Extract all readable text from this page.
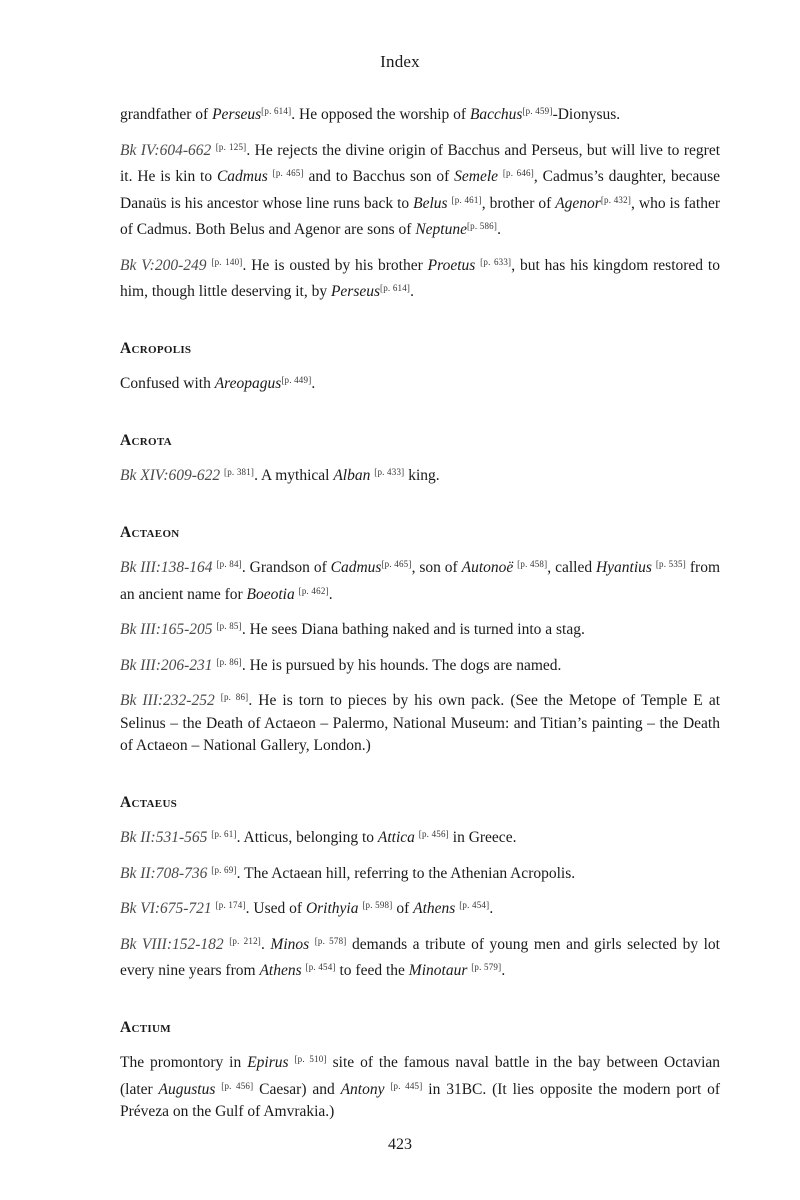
Index

grandfather of Perseus[p. 614]. He opposed the worship of Bacchus[p. 459]-Dionysus.

Bk IV:604-662 [p. 125]. He rejects the divine origin of Bacchus and Perseus, but will live to regret it. He is kin to Cadmus [p. 465] and to Bacchus son of Semele [p. 646], Cadmus’s daughter, because Danaüs is his ancestor whose line runs back to Belus [p. 461], brother of Agenor[p. 432], who is father of Cadmus. Both Belus and Agenor are sons of Neptune[p. 586].

Bk V:200-249 [p. 140]. He is ousted by his brother Proetus [p. 633], but has his kingdom restored to him, though little deserving it, by Perseus[p. 614].

Acropolis

Confused with Areopagus[p. 449].

Acrota

Bk XIV:609-622 [p. 381]. A mythical Alban [p. 433] king.

Actaeon

Bk III:138-164 [p. 84]. Grandson of Cadmus[p. 465], son of Autonoë [p. 458], called Hyantius [p. 535] from an ancient name for Boeotia [p. 462].

Bk III:165-205 [p. 85]. He sees Diana bathing naked and is turned into a stag.

Bk III:206-231 [p. 86]. He is pursued by his hounds. The dogs are named.

Bk III:232-252 [p. 86]. He is torn to pieces by his own pack. (See the Metope of Temple E at Selinus – the Death of Actaeon – Palermo, National Museum: and Titian’s painting – the Death of Actaeon – National Gallery, London.)

Actaeus

Bk II:531-565 [p. 61]. Atticus, belonging to Attica [p. 456] in Greece.

Bk II:708-736 [p. 69]. The Actaean hill, referring to the Athenian Acropolis.

Bk VI:675-721 [p. 174]. Used of Orithyia [p. 598] of Athens [p. 454].

Bk VIII:152-182 [p. 212]. Minos [p. 578] demands a tribute of young men and girls selected by lot every nine years from Athens [p. 454] to feed the Minotaur [p. 579].

Actium

The promontory in Epirus [p. 510] site of the famous naval battle in the bay between Octavian (later Augustus [p. 456] Caesar) and Antony [p. 445] in 31BC. (It lies opposite the modern port of Préveza on the Gulf of Amvrakia.)

423
